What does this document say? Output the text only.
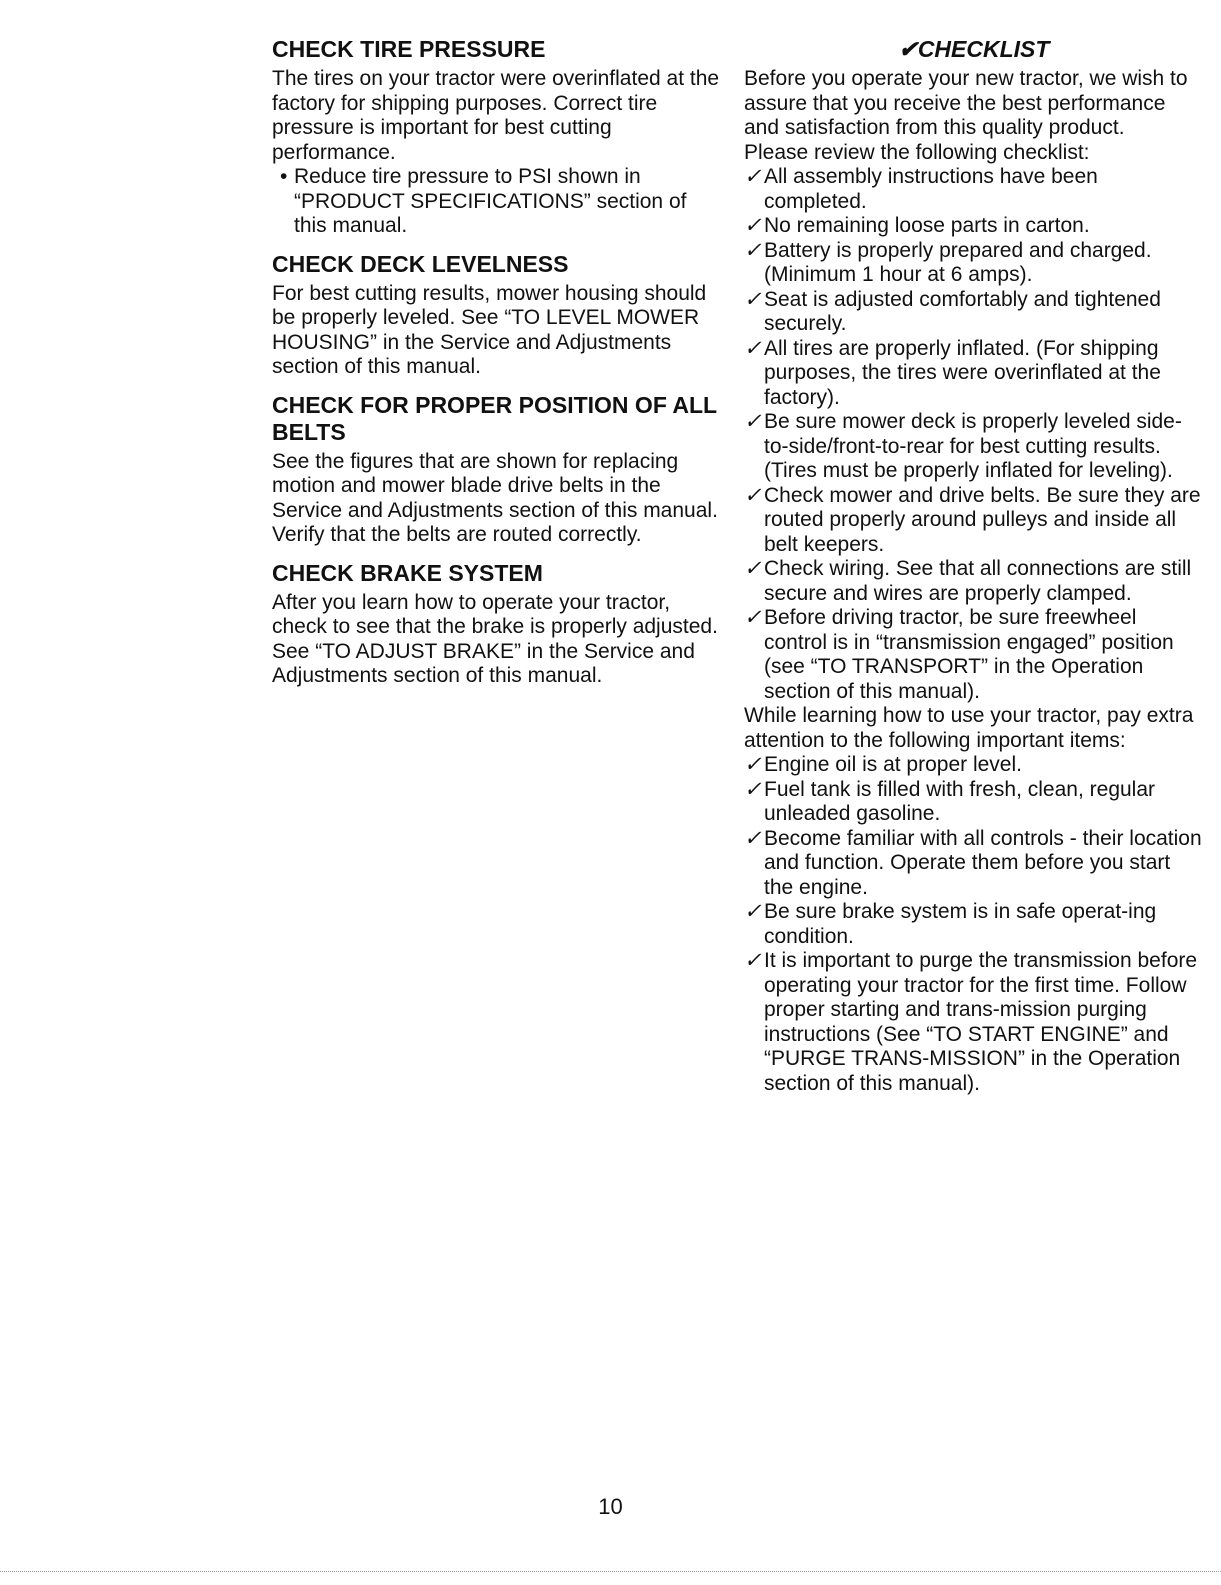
CHECK TIRE PRESSURE

The tires on your tractor were overinflated at the factory for shipping purposes. Correct tire pressure is important for best cutting performance.

• Reduce tire pressure to PSI shown in “PRODUCT SPECIFICATIONS” section of this manual.

CHECK DECK LEVELNESS

For best cutting results, mower housing should be properly leveled. See “TO LEVEL MOWER HOUSING” in the Service and Adjustments section of this manual.

CHECK FOR PROPER POSITION OF ALL BELTS

See the figures that are shown for replacing motion and mower blade drive belts in the Service and Adjustments section of this manual. Verify that the belts are routed correctly.

CHECK BRAKE SYSTEM

After you learn how to operate your tractor, check to see that the brake is properly adjusted. See “TO ADJUST BRAKE” in the Service and Adjustments section of this manual.

✔CHECKLIST

Before you operate your new tractor, we wish to assure that you receive the best performance and satisfaction from this quality product.

Please review the following checklist:

✓ All assembly instructions have been completed.

✓ No remaining loose parts in carton.

✓ Battery is properly prepared and charged. (Minimum 1 hour at 6 amps).

✓ Seat is adjusted comfortably and tightened securely.

✓ All tires are properly inflated. (For shipping purposes, the tires were overinflated at the factory).

✓ Be sure mower deck is properly leveled side-to-side/front-to-rear for best cutting results. (Tires must be properly inflated for leveling).

✓ Check mower and drive belts. Be sure they are routed properly around pulleys and inside all belt keepers.

✓ Check wiring. See that all connections are still secure and wires are properly clamped.

✓ Before driving tractor, be sure freewheel control is in “transmission engaged” position (see “TO TRANSPORT” in the Operation section of this manual).

While learning how to use your tractor, pay extra attention to the following important items:

✓ Engine oil is at proper level.

✓ Fuel tank is filled with fresh, clean, regular unleaded gasoline.

✓ Become familiar with all controls - their location and function. Operate them before you start the engine.

✓ Be sure brake system is in safe operat-ing condition.

✓ It is important to purge the transmission before operating your tractor for the first time. Follow proper starting and trans-mission purging instructions (See “TO START ENGINE” and “PURGE TRANS-MISSION” in the Operation section of this manual).

10
